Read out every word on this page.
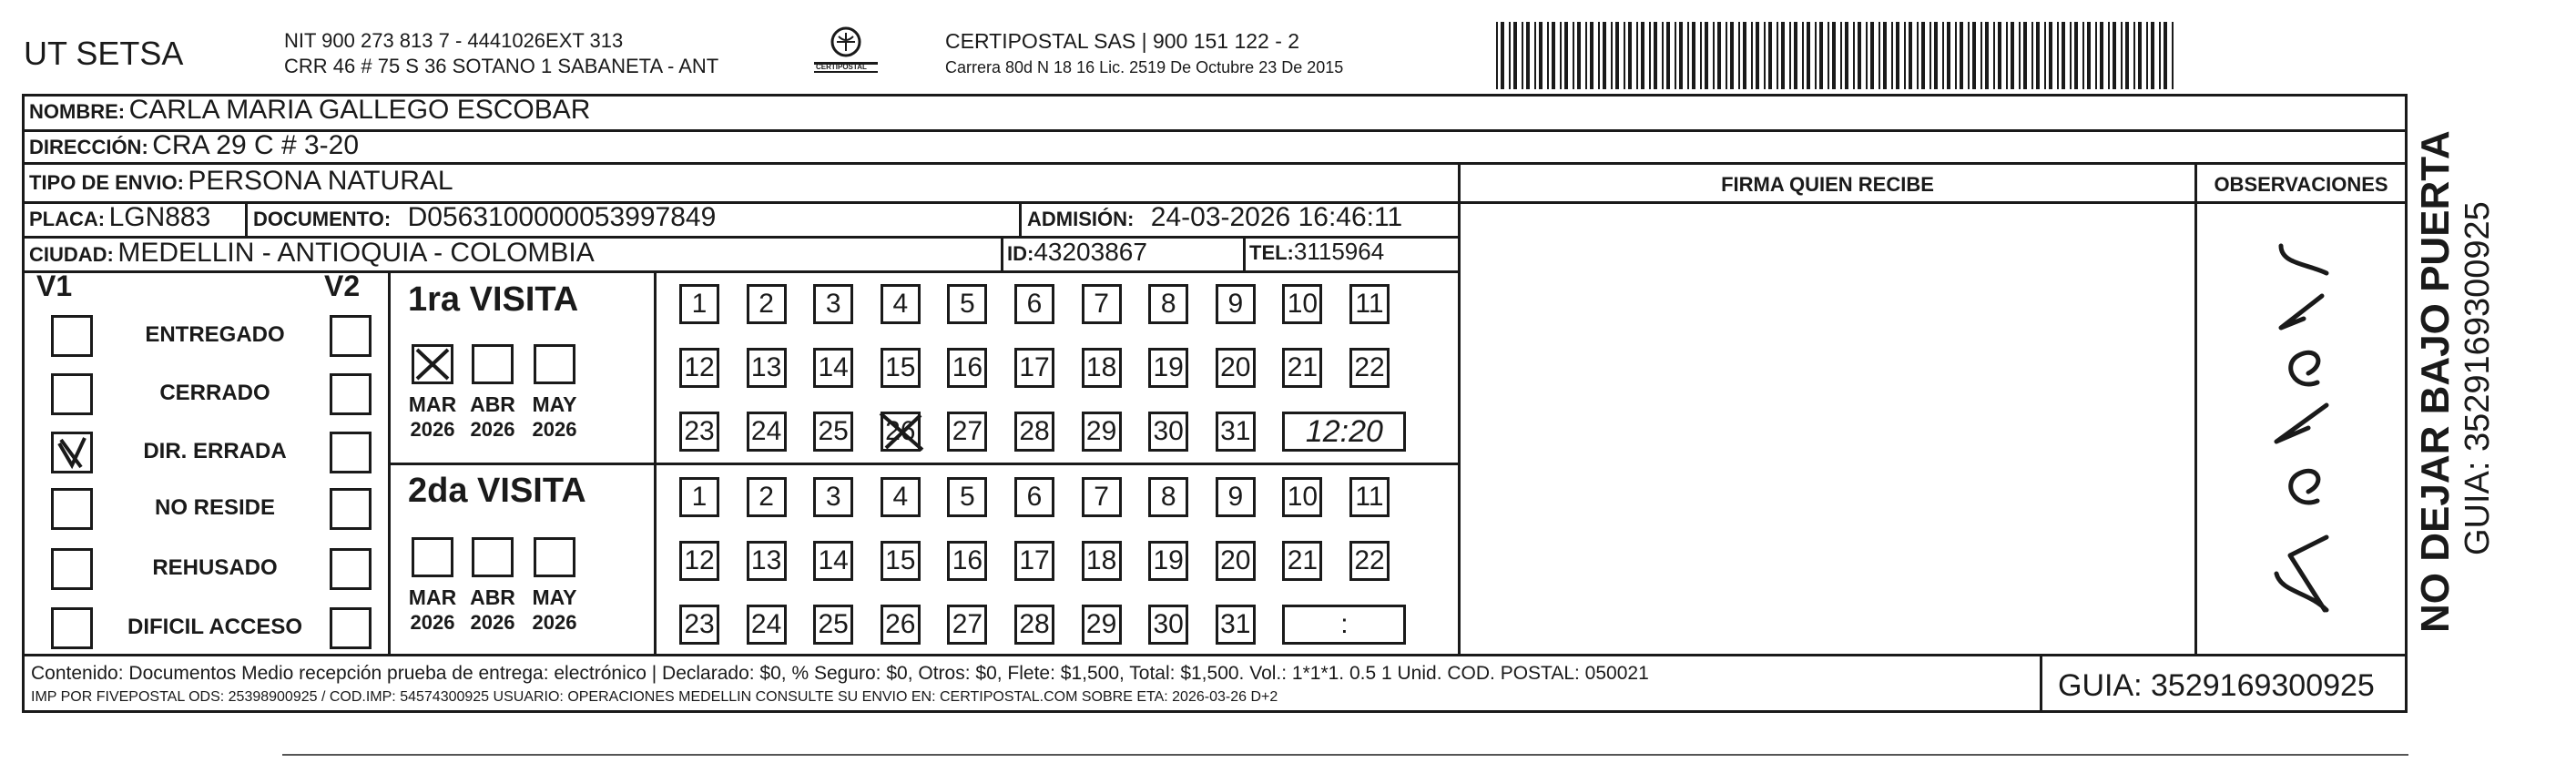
UT SETSA	NIT 900 273 813 7 - 4441026EXT 313
CRR 46 # 75 S 36 SOTANO 1 SABANETA - ANT	CERTIPOSTAL
CERTIPOSTAL SAS | 900 151 122 - 2
Carrera 80d N 18 16 Lic. 2519 De Octubre 23 De 2015
NOMBRE: CARLA MARIA GALLEGO ESCOBAR
DIRECCIÓN: CRA 29 C # 3-20
TIPO DE ENVIO: PERSONA NATURAL	FIRMA QUIEN RECIBE	OBSERVACIONES
PLACA: LGN883 DOCUMENTO: D0563100000053997849	ADMISIÓN: 24-03-2026 16:46:11
CIUDAD: MEDELLIN - ANTIOQUIA - COLOMBIA	ID:43203867	TEL:3115964
V1	V2
ENTREGADO
CERRADO
DIR. ERRADA
NO RESIDE
REHUSADO
DIFICIL ACCESO
1ra VISITA
MAR
2026
ABR
2026
MAY
2026
1	2	3	4	5	6	7	8	9	10 11
12 13 14 15 16 17 18 19 20 21 22
23 24 25 26 27 28 29 30 31	12:20
2da VISITA
MAR
2026
ABR
2026
MAY
2026
1	2	3	4	5	6	7	8	9	10 11
12 13 14 15 16 17 18 19 20 21 22
23 24 25 26 27 28 29 30 31	:	NO DEJAR BAJO PUERTA GUIA: 3529169300925
Contenido: Documentos Medio recepción prueba de entrega: electrónico | Declarado: $0, % Seguro: $0, Otros: $0, Flete: $1,500, Total: $1,500. Vol.: 1*1*1. 0.5 1 Unid. COD. POSTAL: 050021
IMP POR FIVEPOSTAL ODS: 25398900925 / COD.IMP: 54574300925 USUARIO: OPERACIONES MEDELLIN CONSULTE SU ENVIO EN: CERTIPOSTAL.COM SOBRE ETA: 2026-03-26 D+2	GUIA: 3529169300925
